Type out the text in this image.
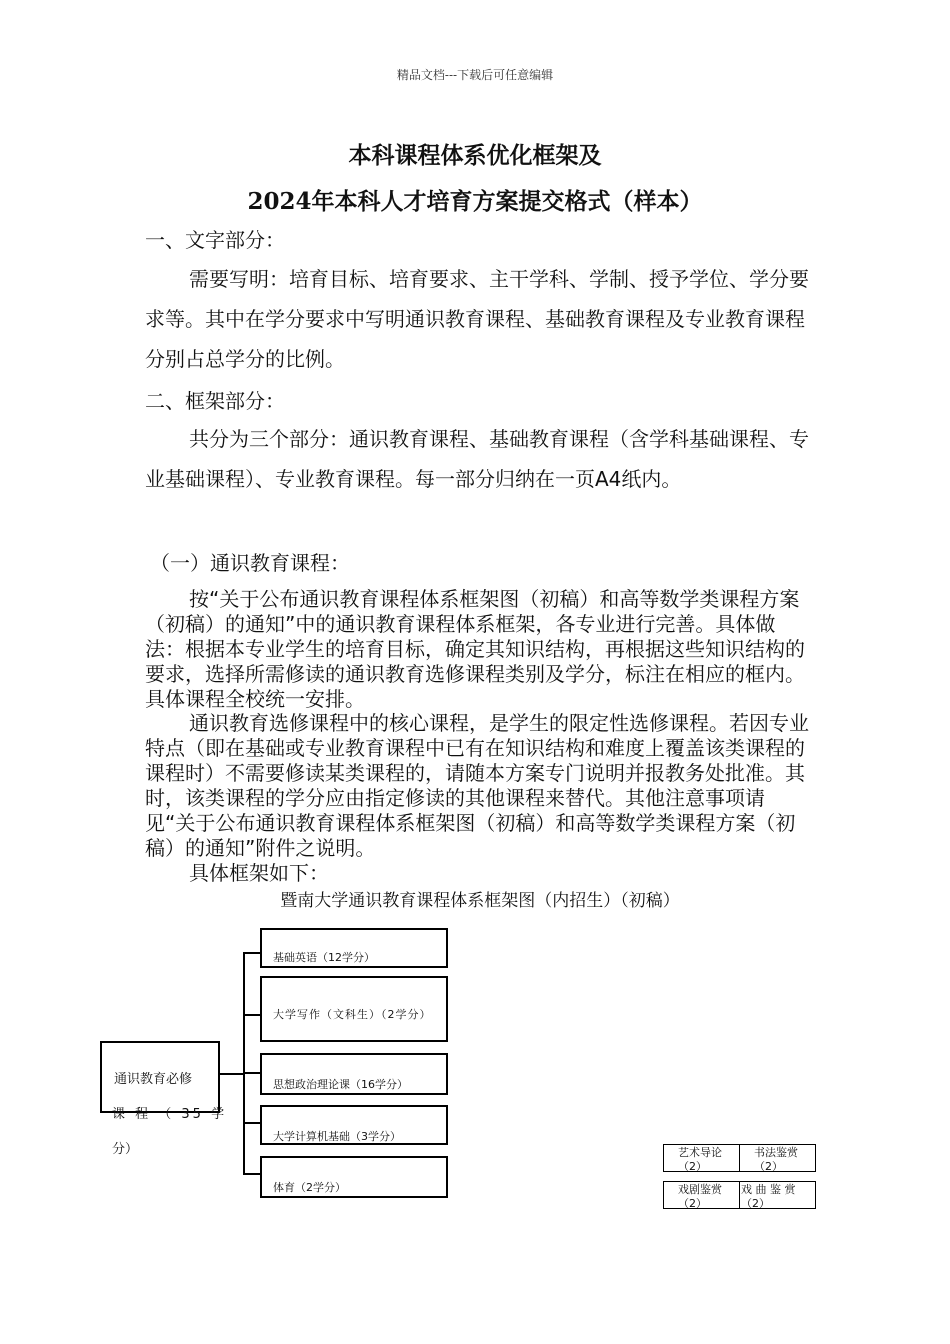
精品文档---下载后可任意编辑
本科课程体系优化框架及
2024年本科人才培育方案提交格式（样本）
一、文字部分：
需要写明：培育目标、培育要求、主干学科、学制、授予学位、学分要求等。其中在学分要求中写明通识教育课程、基础教育课程及专业教育课程分别占总学分的比例。
二、框架部分：
共分为三个部分：通识教育课程、基础教育课程（含学科基础课程、专业基础课程）、专业教育课程。每一部分归纳在一页A4纸内。
（一）通识教育课程：
按“关于公布通识教育课程体系框架图（初稿）和高等数学类课程方案（初稿）的通知”中的通识教育课程体系框架，各专业进行完善。具体做法：根据本专业学生的培育目标，确定其知识结构，再根据这些知识结构的要求，选择所需修读的通识教育选修课程类别及学分，标注在相应的框内。具体课程全校统一安排。
通识教育选修课程中的核心课程，是学生的限定性选修课程。若因专业特点（即在基础或专业教育课程中已有在知识结构和难度上覆盖该类课程的课程时）不需要修读某类课程的，请随本方案专门说明并报教务处批准。其时，该类课程的学分应由指定修读的其他课程来替代。其他注意事项请见“关于公布通识教育课程体系框架图（初稿）和高等数学类课程方案（初稿）的通知”附件之说明。
具体框架如下：
暨南大学通识教育课程体系框架图（内招生）（初稿）
通识教育必修
课 程 （ 35 学
分）
基础英语（12学分）
大学写作（文科生）（2学分）
思想政治理论课（16学分）
大学计算机基础（3学分）
体育（2学分）
艺术导论（2）
书法鉴赏（2）
戏剧鉴赏（2）
戏 曲 鉴 赏（2）
